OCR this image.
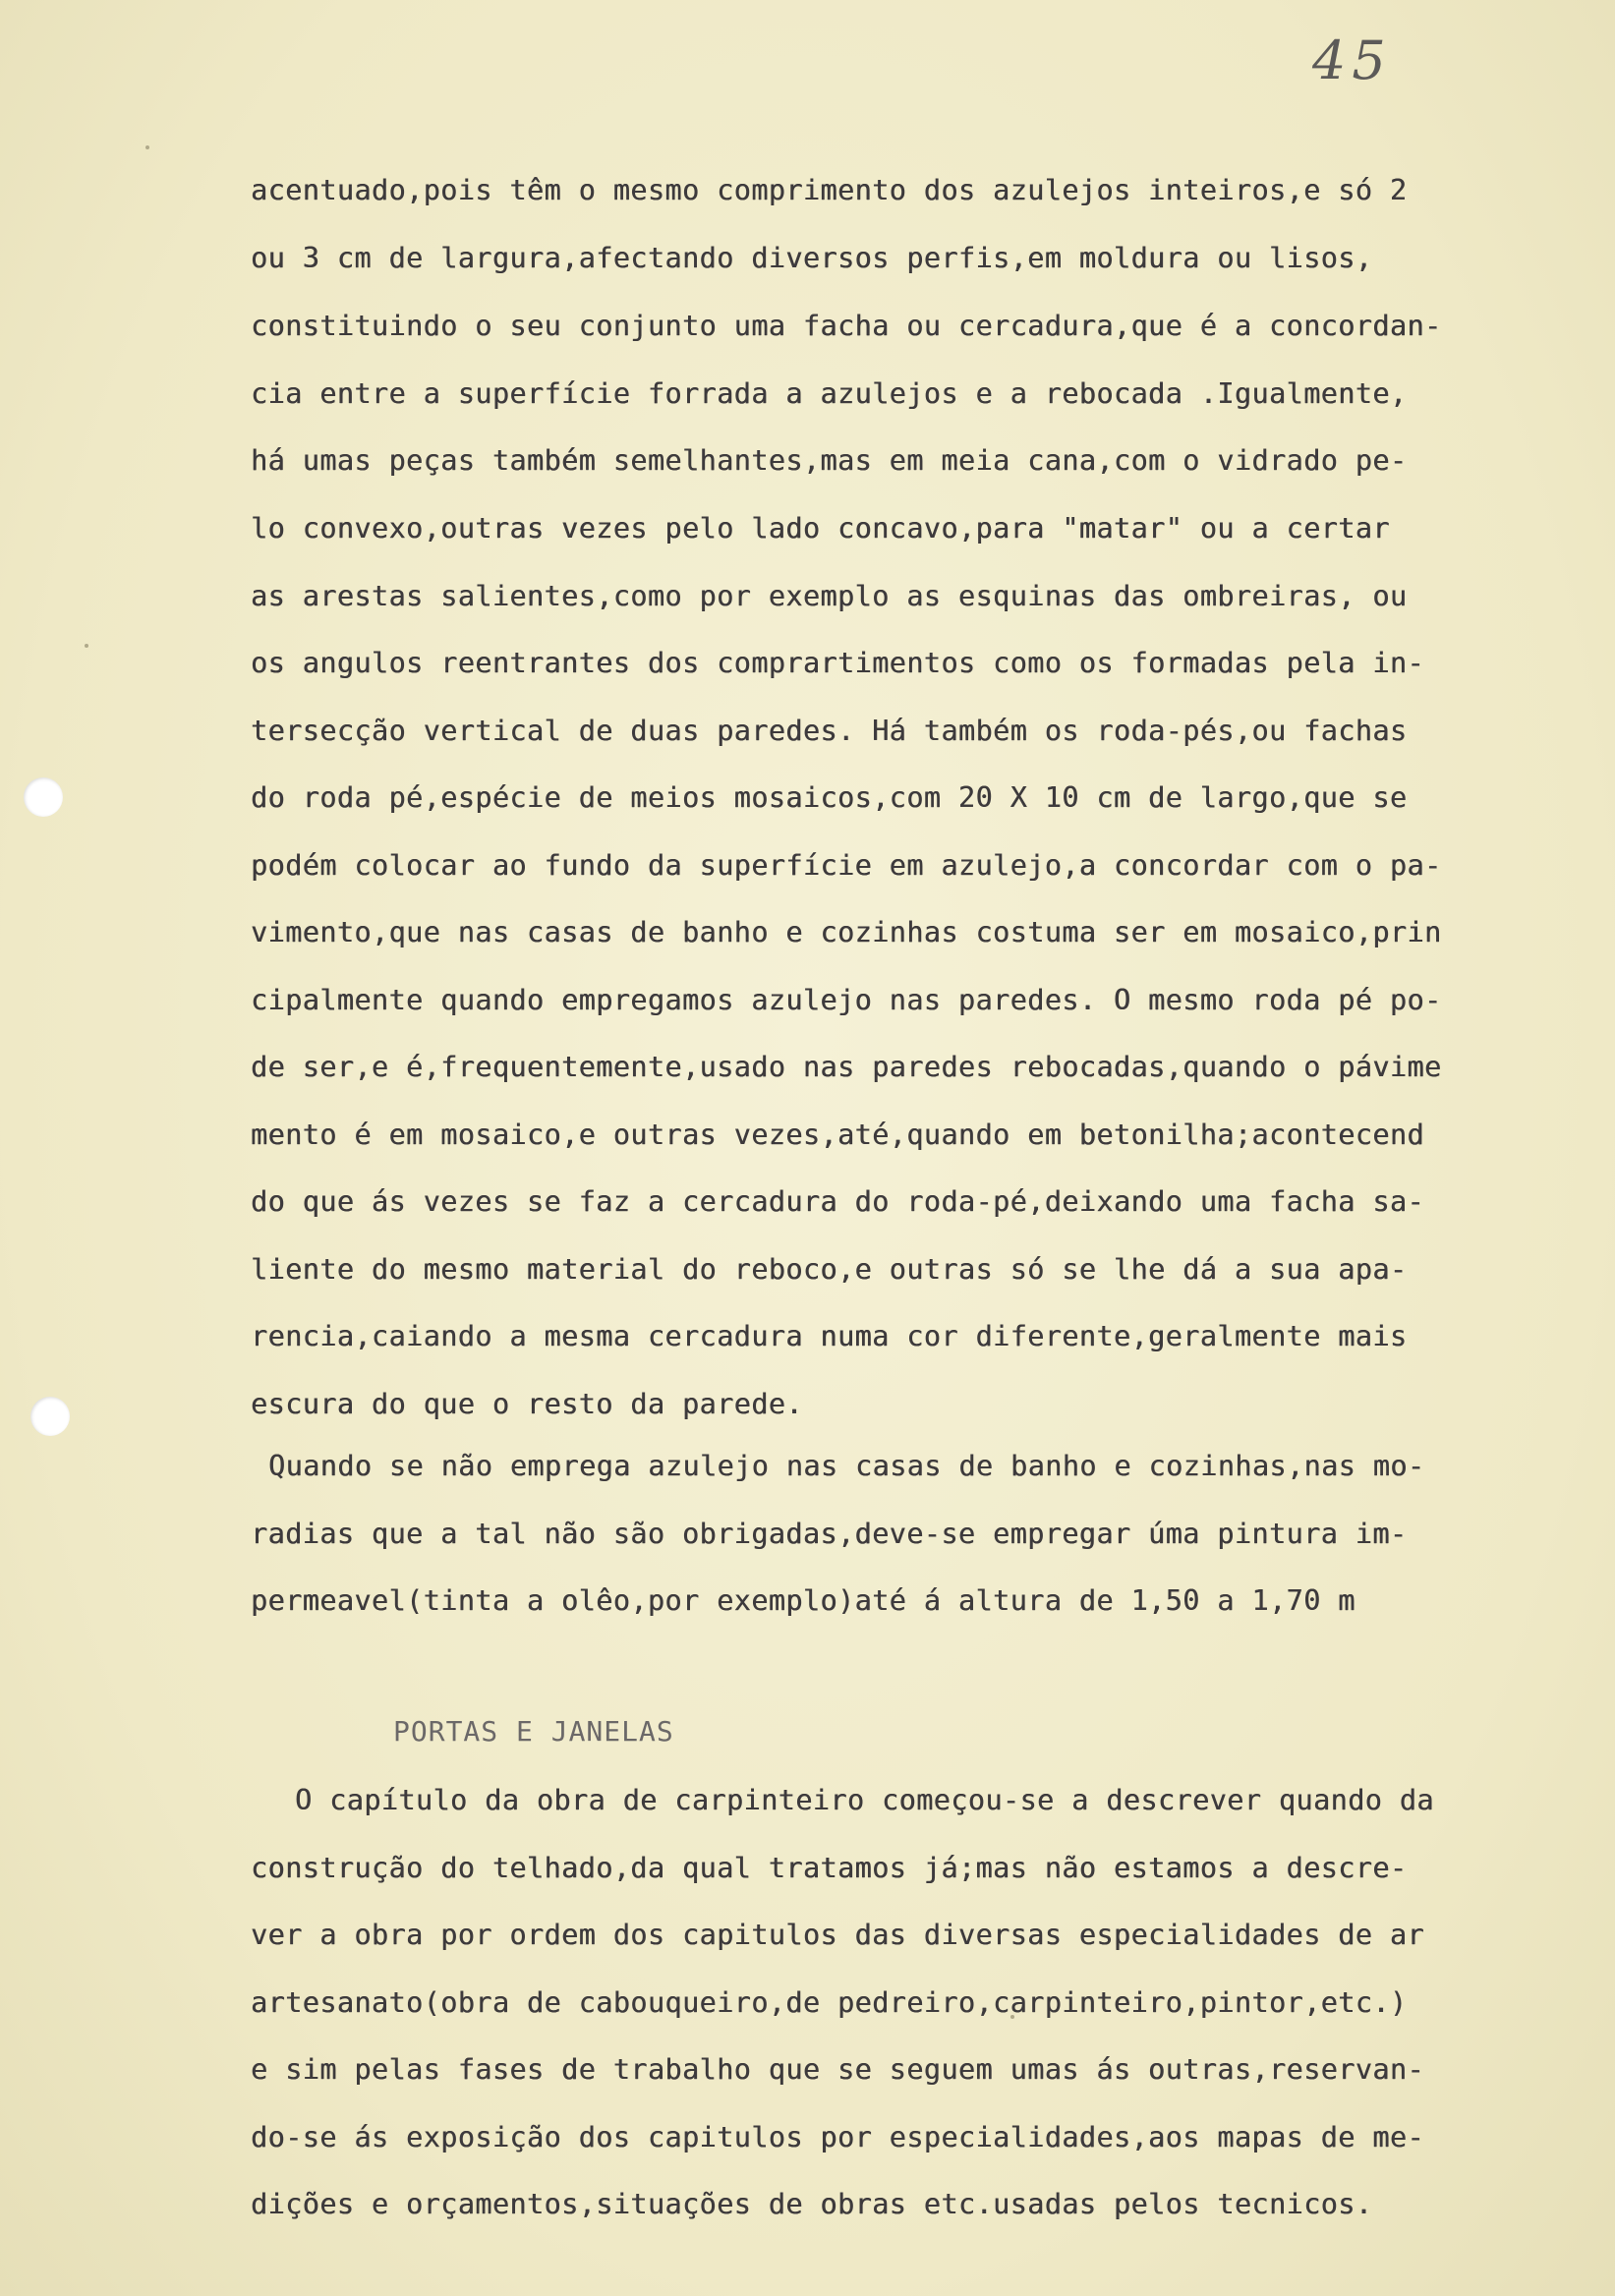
45

acentuado,pois têm o mesmo comprimento dos azulejos inteiros,e só 2

ou 3 cm de largura,afectando diversos perfis,em moldura ou lisos,

constituindo o seu conjunto uma facha ou cercadura,que é a concordan-

cia entre a superfície forrada a azulejos e a rebocada .Igualmente,

há umas peças também semelhantes,mas em meia cana,com o vidrado pe-

lo convexo,outras vezes pelo lado concavo,para "matar" ou a certar

as arestas salientes,como por exemplo as esquinas das ombreiras, ou

os angulos reentrantes dos comprartimentos como os formadas pela in-

tersecção vertical de duas paredes. Há também os roda-pés,ou fachas

do roda pé,espécie de meios mosaicos,com 20 X 10 cm de largo,que se

podém colocar ao fundo da superfície em azulejo,a concordar com o pa-

vimento,que nas casas de banho e cozinhas costuma ser em mosaico,prin

cipalmente quando empregamos azulejo nas paredes. O mesmo roda pé po-

de ser,e é,frequentemente,usado nas paredes rebocadas,quando o pávime

mento é em mosaico,e outras vezes,até,quando em betonilha;acontecend

do que ás vezes se faz a cercadura do roda-pé,deixando uma facha sa-

liente do mesmo material do reboco,e outras só se lhe dá a sua apa-

rencia,caiando a mesma cercadura numa cor diferente,geralmente mais

escura do que o resto da parede.

Quando se não emprega azulejo nas casas de banho e cozinhas,nas mo-

radias que a tal não são obrigadas,deve-se empregar úma pintura im-

permeavel(tinta a olêo,por exemplo)até á altura de 1,50 a 1,70 m

PORTAS E JANELAS

O capítulo da obra de carpinteiro começou-se a descrever quando da

construção do telhado,da qual tratamos já;mas não estamos a descre-

ver a obra por ordem dos capitulos das diversas especialidades de ar

artesanato(obra de cabouqueiro,de pedreiro,carpinteiro,pintor,etc.)

e sim pelas fases de trabalho que se seguem umas ás outras,reservan-

do-se ás exposição dos capitulos por especialidades,aos mapas de me-

dições e orçamentos,situações de obras etc.usadas pelos tecnicos.
